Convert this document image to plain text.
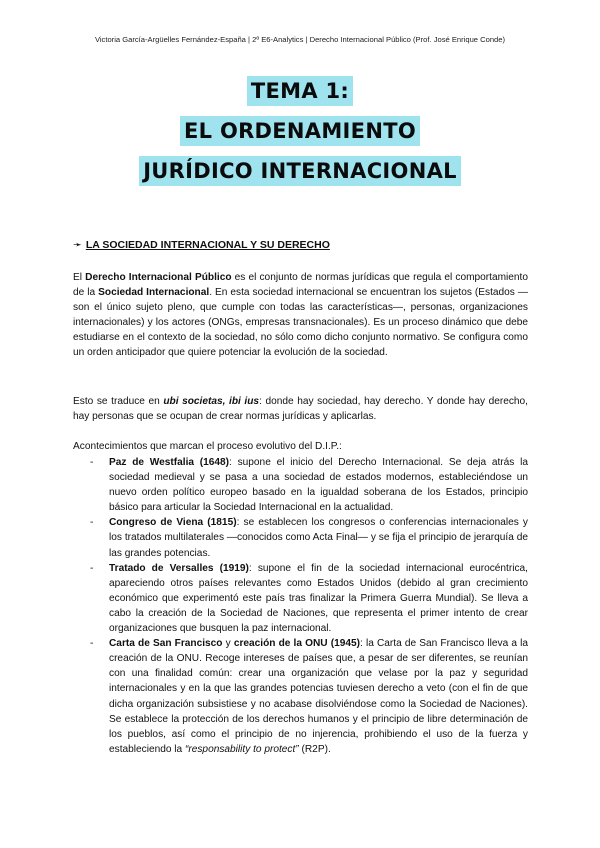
Victoria García-Argüelles Fernández-España | 2º E6-Analytics | Derecho Internacional Público (Prof. José Enrique Conde)
TEMA 1:
EL ORDENAMIENTO
JURÍDICO INTERNACIONAL
➛ LA SOCIEDAD INTERNACIONAL Y SU DERECHO
El Derecho Internacional Público es el conjunto de normas jurídicas que regula el comportamiento de la Sociedad Internacional. En esta sociedad internacional se encuentran los sujetos (Estados —son el único sujeto pleno, que cumple con todas las características—, personas, organizaciones internacionales) y los actores (ONGs, empresas transnacionales). Es un proceso dinámico que debe estudiarse en el contexto de la sociedad, no sólo como dicho conjunto normativo. Se configura como un orden anticipador que quiere potenciar la evolución de la sociedad.
Esto se traduce en ubi societas, ibi ius: donde hay sociedad, hay derecho. Y donde hay derecho, hay personas que se ocupan de crear normas jurídicas y aplicarlas.
Acontecimientos que marcan el proceso evolutivo del D.I.P.:
- Paz de Westfalia (1648): supone el inicio del Derecho Internacional. Se deja atrás la sociedad medieval y se pasa a una sociedad de estados modernos, estableciéndose un nuevo orden político europeo basado en la igualdad soberana de los Estados, principio básico para articular la Sociedad Internacional en la actualidad.
- Congreso de Viena (1815): se establecen los congresos o conferencias internacionales y los tratados multilaterales —conocidos como Acta Final— y se fija el principio de jerarquía de las grandes potencias.
- Tratado de Versalles (1919): supone el fin de la sociedad internacional eurocéntrica, apareciendo otros países relevantes como Estados Unidos (debido al gran crecimiento económico que experimentó este país tras finalizar la Primera Guerra Mundial). Se lleva a cabo la creación de la Sociedad de Naciones, que representa el primer intento de crear organizaciones que busquen la paz internacional.
- Carta de San Francisco y creación de la ONU (1945): la Carta de San Francisco lleva a la creación de la ONU. Recoge intereses de países que, a pesar de ser diferentes, se reunían con una finalidad común: crear una organización que velase por la paz y seguridad internacionales y en la que las grandes potencias tuviesen derecho a veto (con el fin de que dicha organización subsistiese y no acabase disolviéndose como la Sociedad de Naciones). Se establece la protección de los derechos humanos y el principio de libre determinación de los pueblos, así como el principio de no injerencia, prohibiendo el uso de la fuerza y estableciendo la “responsability to protect” (R2P).
